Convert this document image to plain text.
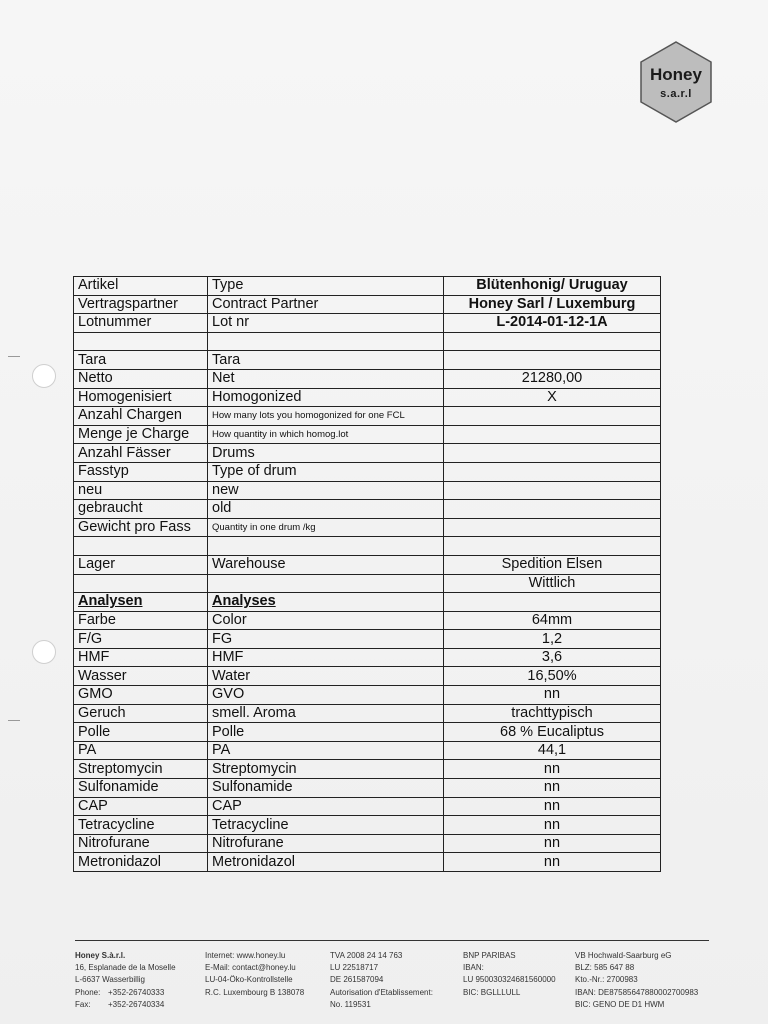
Honey
s.a.r.l
Artikel	Type	Blütenhonig/ Uruguay
Vertragspartner	Contract Partner	Honey Sarl / Luxemburg
Lotnummer	Lot nr	L-2014-01-12-1A

Tara	Tara	
Netto	Net	21280,00
Homogenisiert	Homogonized	X
Anzahl Chargen	How many lots you homogonized for one FCL	
Menge je Charge	How quantity in which homog.lot	
Anzahl Fässer	Drums	
Fasstyp	Type of drum	
neu	new	
gebraucht	old	
Gewicht pro Fass	Quantity in one drum /kg	

Lager	Warehouse	Spedition Elsen
		Wittlich
Analysen	Analyses	
Farbe	Color	64mm
F/G	FG	1,2
HMF	HMF	3,6
Wasser	Water	16,50%
GMO	GVO	nn
Geruch	smell. Aroma	trachttypisch
Polle	Polle	68 % Eucaliptus
PA	PA	44,1
Streptomycin	Streptomycin	nn
Sulfonamide	Sulfonamide	nn
CAP	CAP	nn
Tetracycline	Tetracycline	nn
Nitrofurane	Nitrofurane	nn
Metronidazol	Metronidazol	nn
Honey S.à.r.l.
16, Esplanade de la Moselle
L-6637 Wasserbillig
Phone: +352-26740333
Fax: +352-26740334
Internet: www.honey.lu
E-Mail: contact@honey.lu
LU-04-Öko-Kontrollstelle
R.C. Luxembourg B 138078
TVA 2008 24 14 763
LU 22518717
DE 261587094
Autorisation d'Etablissement:
No. 119531
BNP PARIBAS
IBAN:
LU 950030324681560000
BIC: BGLLLULL
VB Hochwald-Saarburg eG
BLZ: 585 647 88
Kto.-Nr.: 2700983
IBAN: DE87585647880002700983
BIC: GENO DE D1 HWM
